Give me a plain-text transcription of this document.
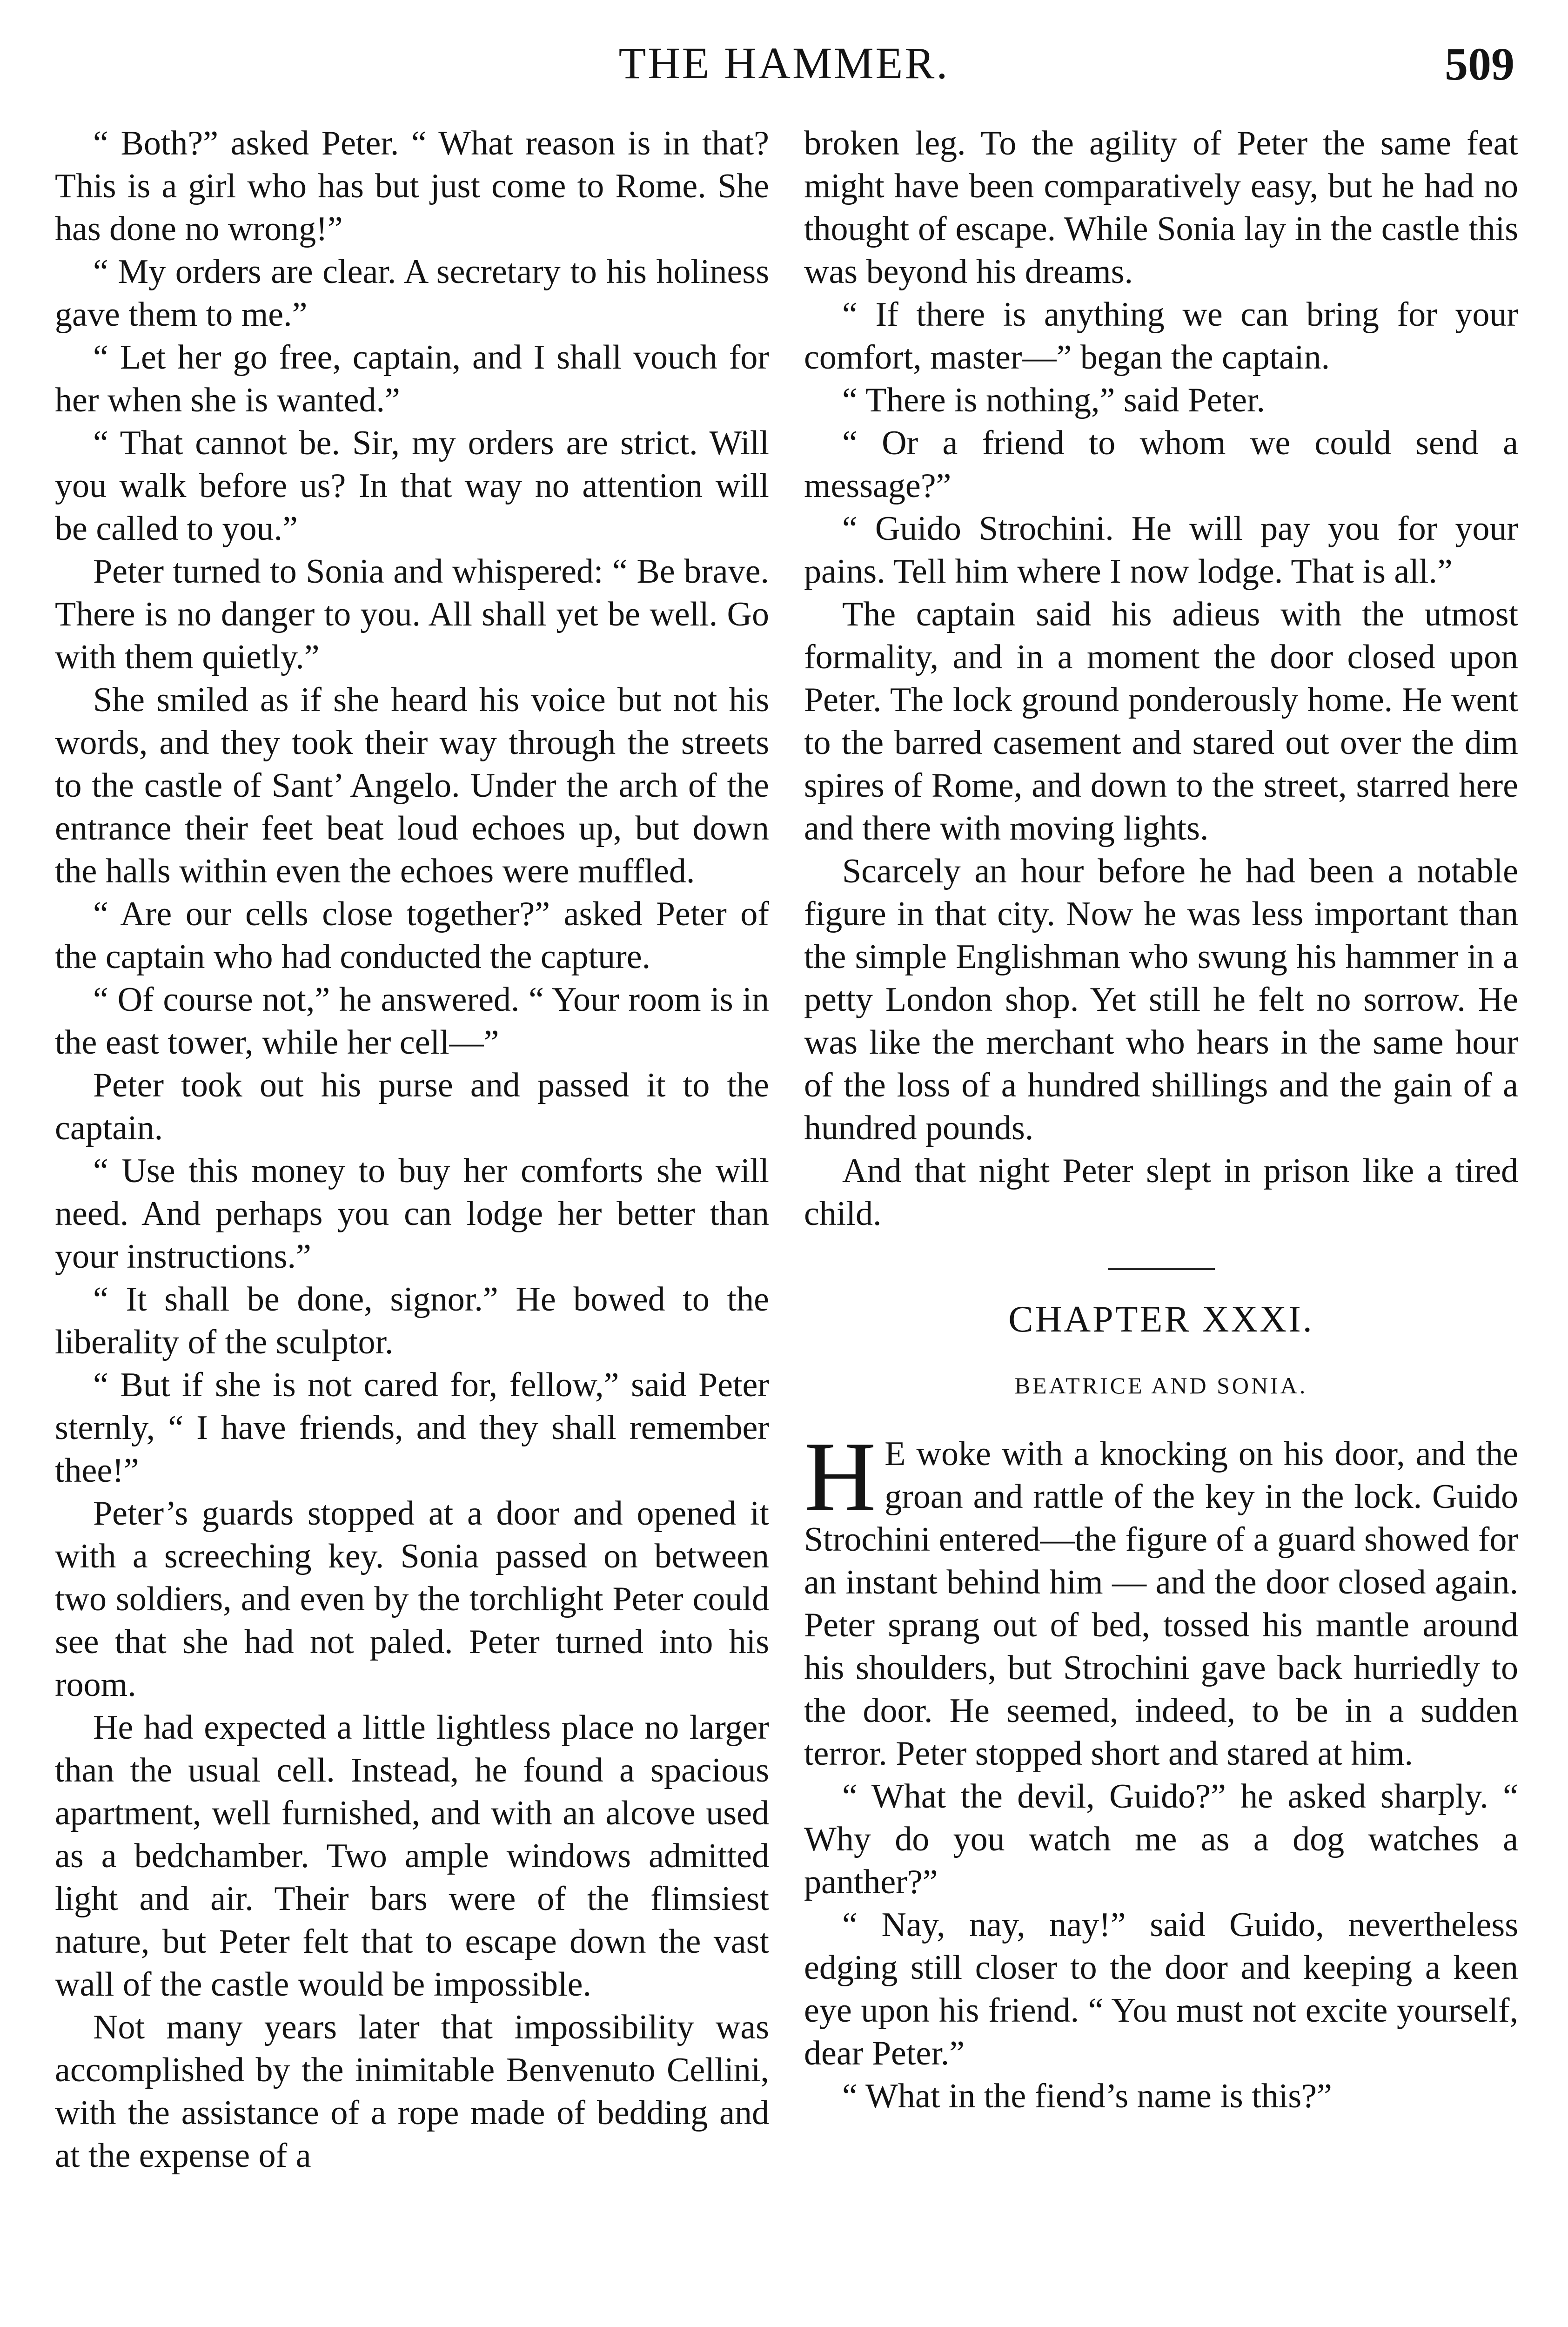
THE HAMMER.	509

“ Both?” asked Peter. “ What reason is in that? This is a girl who has but just come to Rome. She has done no wrong!”

“ My orders are clear. A secretary to his holiness gave them to me.”

“ Let her go free, captain, and I shall vouch for her when she is wanted.”

“ That cannot be. Sir, my orders are strict. Will you walk before us? In that way no attention will be called to you.”

Peter turned to Sonia and whispered: “ Be brave. There is no danger to you. All shall yet be well. Go with them quietly.”

She smiled as if she heard his voice but not his words, and they took their way through the streets to the castle of Sant’ Angelo. Under the arch of the entrance their feet beat loud echoes up, but down the halls within even the echoes were muffled.

“ Are our cells close together?” asked Peter of the captain who had conducted the capture.

“ Of course not,” he answered. “ Your room is in the east tower, while her cell—”

Peter took out his purse and passed it to the captain.

“ Use this money to buy her comforts she will need. And perhaps you can lodge her better than your instructions.”

“ It shall be done, signor.” He bowed to the liberality of the sculptor.

“ But if she is not cared for, fellow,” said Peter sternly, “ I have friends, and they shall remember thee!”

Peter’s guards stopped at a door and opened it with a screeching key. Sonia passed on between two soldiers, and even by the torchlight Peter could see that she had not paled. Peter turned into his room.

He had expected a little lightless place no larger than the usual cell. Instead, he found a spacious apartment, well furnished, and with an alcove used as a bedchamber. Two ample windows admitted light and air. Their bars were of the flimsiest nature, but Peter felt that to escape down the vast wall of the castle would be impossible.

Not many years later that impossibility was accomplished by the inimitable Benvenuto Cellini, with the assistance of a rope made of bedding and at the expense of a

broken leg. To the agility of Peter the same feat might have been comparatively easy, but he had no thought of escape. While Sonia lay in the castle this was beyond his dreams.

“ If there is anything we can bring for your comfort, master—” began the captain.

“ There is nothing,” said Peter.

“ Or a friend to whom we could send a message?”

“ Guido Strochini. He will pay you for your pains. Tell him where I now lodge. That is all.”

The captain said his adieus with the utmost formality, and in a moment the door closed upon Peter. The lock ground ponderously home. He went to the barred casement and stared out over the dim spires of Rome, and down to the street, starred here and there with moving lights.

Scarcely an hour before he had been a notable figure in that city. Now he was less important than the simple Englishman who swung his hammer in a petty London shop. Yet still he felt no sorrow. He was like the merchant who hears in the same hour of the loss of a hundred shillings and the gain of a hundred pounds.

And that night Peter slept in prison like a tired child.

CHAPTER XXXI.
BEATRICE AND SONIA.

H E woke with a knocking on his door, and the groan and rattle of the key in the lock. Guido Strochini entered—the figure of a guard showed for an instant behind him — and the door closed again. Peter sprang out of bed, tossed his mantle around his shoulders, but Strochini gave back hurriedly to the door. He seemed, indeed, to be in a sudden terror. Peter stopped short and stared at him.

“ What the devil, Guido?” he asked sharply. “ Why do you watch me as a dog watches a panther?”

“ Nay, nay, nay!” said Guido, nevertheless edging still closer to the door and keeping a keen eye upon his friend. “ You must not excite yourself, dear Peter.”

“ What in the fiend’s name is this?”
